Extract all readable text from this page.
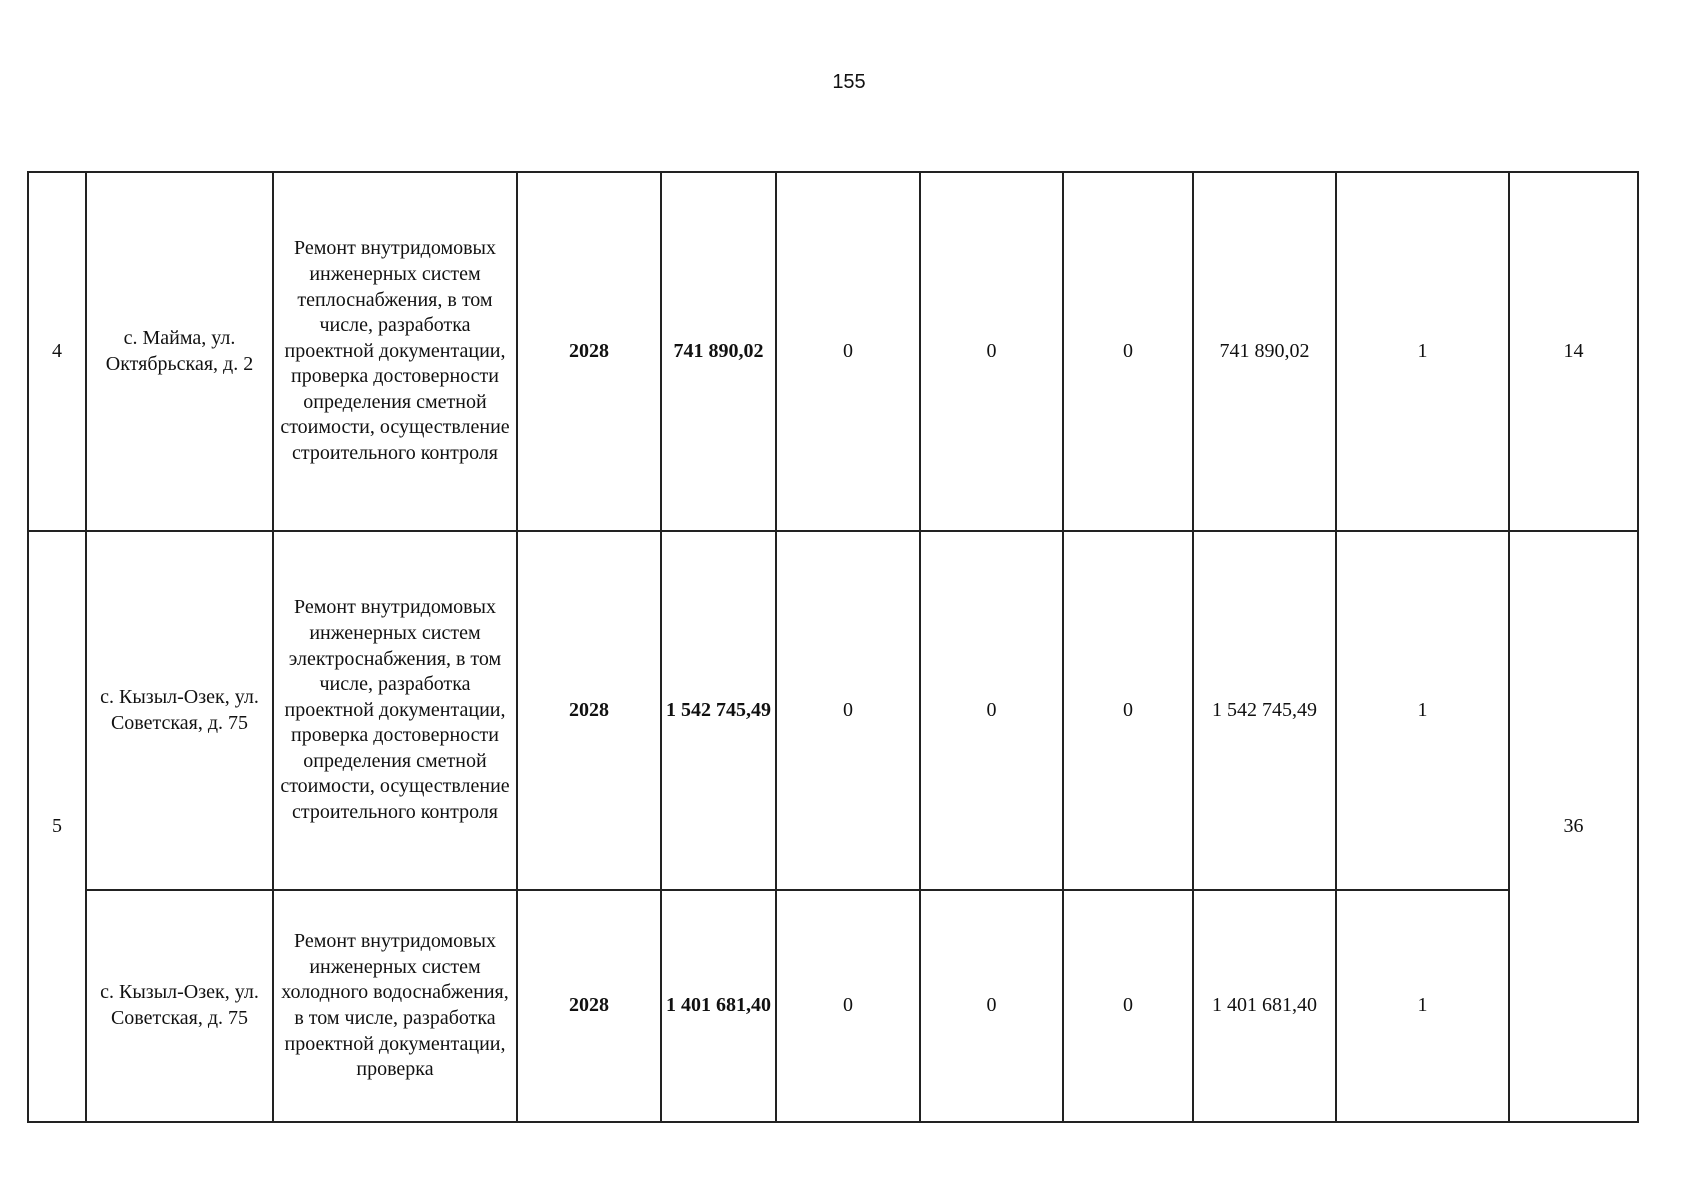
155
4	с. Майма, ул. Октябрьская, д. 2	Ремонт внутридомовых инженерных систем теплоснабжения, в том числе, разработка проектной документации, проверка достоверности определения сметной стоимости, осуществление строительного контроля	2028	741 890,02	0	0	0	741 890,02	1	14
5	с. Кызыл-Озек, ул. Советская, д. 75	Ремонт внутридомовых инженерных систем электроснабжения, в том числе, разработка проектной документации, проверка достоверности определения сметной стоимости, осуществление строительного контроля	2028	1 542 745,49	0	0	0	1 542 745,49	1	36
	с. Кызыл-Озек, ул. Советская, д. 75	Ремонт внутридомовых инженерных систем холодного водоснабжения, в том числе, разработка проектной документации, проверка	2028	1 401 681,40	0	0	0	1 401 681,40	1	
